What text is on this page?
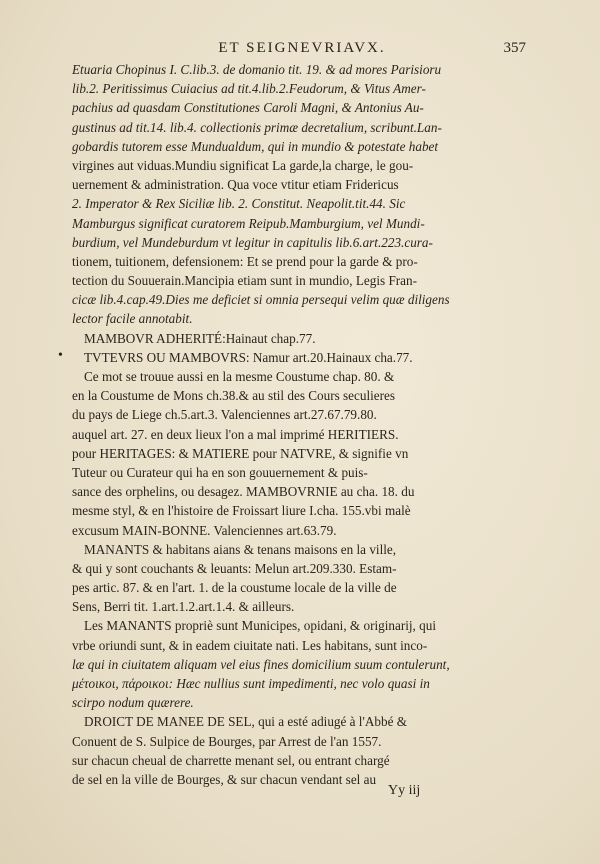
ET SEIGNEVRIAVX.	357
Etuaria Chopinus I. C.lib.3. de domanio tit. 19. & ad mores Parisioru
lib.2. Peritissimus Cuiacius ad tit.4.lib.2.Feudorum, & Vitus Amer-
pachius ad quasdam Constitutiones Caroli Magni, & Antonius Au-
gustinus ad tit.14. lib.4. collectionis primæ decretalium, scribunt.Lan-
gobardis tutorem esse Mundualdum, qui in mundio & potestate habet
virgines aut viduas.Mundiu significat La garde,la charge, le gou-
uernement & administration. Qua voce vtitur etiam Fridericus
2. Imperator & Rex Siciliæ lib. 2. Constitut. Neapolit.tit.44. Sic
Mamburgus significat curatorem Reipub.Mamburgium, vel Mundi-
burdium, vel Mundeburdum vt legitur in capitulis lib.6.art.223.cura-
tionem, tuitionem, defensionem: Et se prend pour la garde & pro-
tection du Souuerain.Mancipia etiam sunt in mundio, Legis Fran-
cicæ lib.4.cap.49.Dies me deficiet si omnia persequi velim quæ diligens
lector facile annotabit.
MAMBOVR ADHERITÉ:Hainaut chap.77.
TVTEVRS OU MAMBOVRS: Namur art.20.Hainaux cha.77.
Ce mot se trouue aussi en la mesme Coustume chap. 80. &
en la Coustume de Mons ch.38.& au stil des Cours seculieres
du pays de Liege ch.5.art.3. Valenciennes art.27.67.79.80.
auquel art. 27. en deux lieux l'on a mal imprimé HERITIERS.
pour HERITAGES: & MATIERE pour NATVRE, & signifie vn
Tuteur ou Curateur qui ha en son gouuernement & puis-
sance des orphelins, ou desagez. MAMBOVRNIE au cha. 18. du
mesme styl, & en l'histoire de Froissart liure I.cha. 155.vbi malè
excusum MAIN-BONNE. Valenciennes art.63.79.
MANANTS & habitans aians & tenans maisons en la ville,
& qui y sont couchants & leuants: Melun art.209.330. Estam-
pes artic. 87. & en l'art. 1. de la coustume locale de la ville de
Sens, Berri tit. 1.art.1.2.art.1.4. & ailleurs.
Les MANANTS propriè sunt Municipes, opidani, & originarij, qui
vrbe oriundi sunt, & in eadem ciuitate nati. Les habitans, sunt inco-
læ qui in ciuitatem aliquam vel eius fines domicilium suum contulerunt,
μέτοικοι, πάροικοι: Hæc nullius sunt impedimenti, nec volo quasi in
scirpo nodum quærere.
DROICT DE MANEE DE SEL, qui a esté adiugé à l'Abbé &
Conuent de S. Sulpice de Bourges, par Arrest de l'an 1557.
sur chacun cheual de charrette menant sel, ou entrant chargé
de sel en la ville de Bourges, & sur chacun vendant sel au
•
Yy iij
